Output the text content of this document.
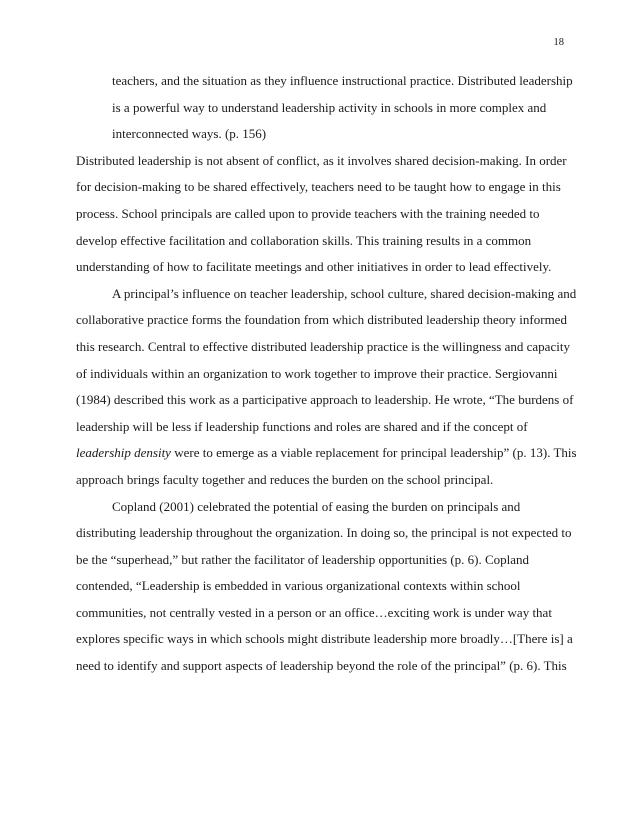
18
teachers, and the situation as they influence instructional practice. Distributed leadership
is a powerful way to understand leadership activity in schools in more complex and
interconnected ways. (p. 156)
Distributed leadership is not absent of conflict, as it involves shared decision-making. In order
for decision-making to be shared effectively, teachers need to be taught how to engage in this
process. School principals are called upon to provide teachers with the training needed to
develop effective facilitation and collaboration skills. This training results in a common
understanding of how to facilitate meetings and other initiatives in order to lead effectively.
A principal’s influence on teacher leadership, school culture, shared decision-making and
collaborative practice forms the foundation from which distributed leadership theory informed
this research. Central to effective distributed leadership practice is the willingness and capacity
of individuals within an organization to work together to improve their practice. Sergiovanni
(1984) described this work as a participative approach to leadership. He wrote, “The burdens of
leadership will be less if leadership functions and roles are shared and if the concept of
leadership density were to emerge as a viable replacement for principal leadership” (p. 13). This
approach brings faculty together and reduces the burden on the school principal.
Copland (2001) celebrated the potential of easing the burden on principals and
distributing leadership throughout the organization. In doing so, the principal is not expected to
be the “superhead,” but rather the facilitator of leadership opportunities (p. 6). Copland
contended, “Leadership is embedded in various organizational contexts within school
communities, not centrally vested in a person or an office…exciting work is under way that
explores specific ways in which schools might distribute leadership more broadly…[There is] a
need to identify and support aspects of leadership beyond the role of the principal” (p. 6). This
